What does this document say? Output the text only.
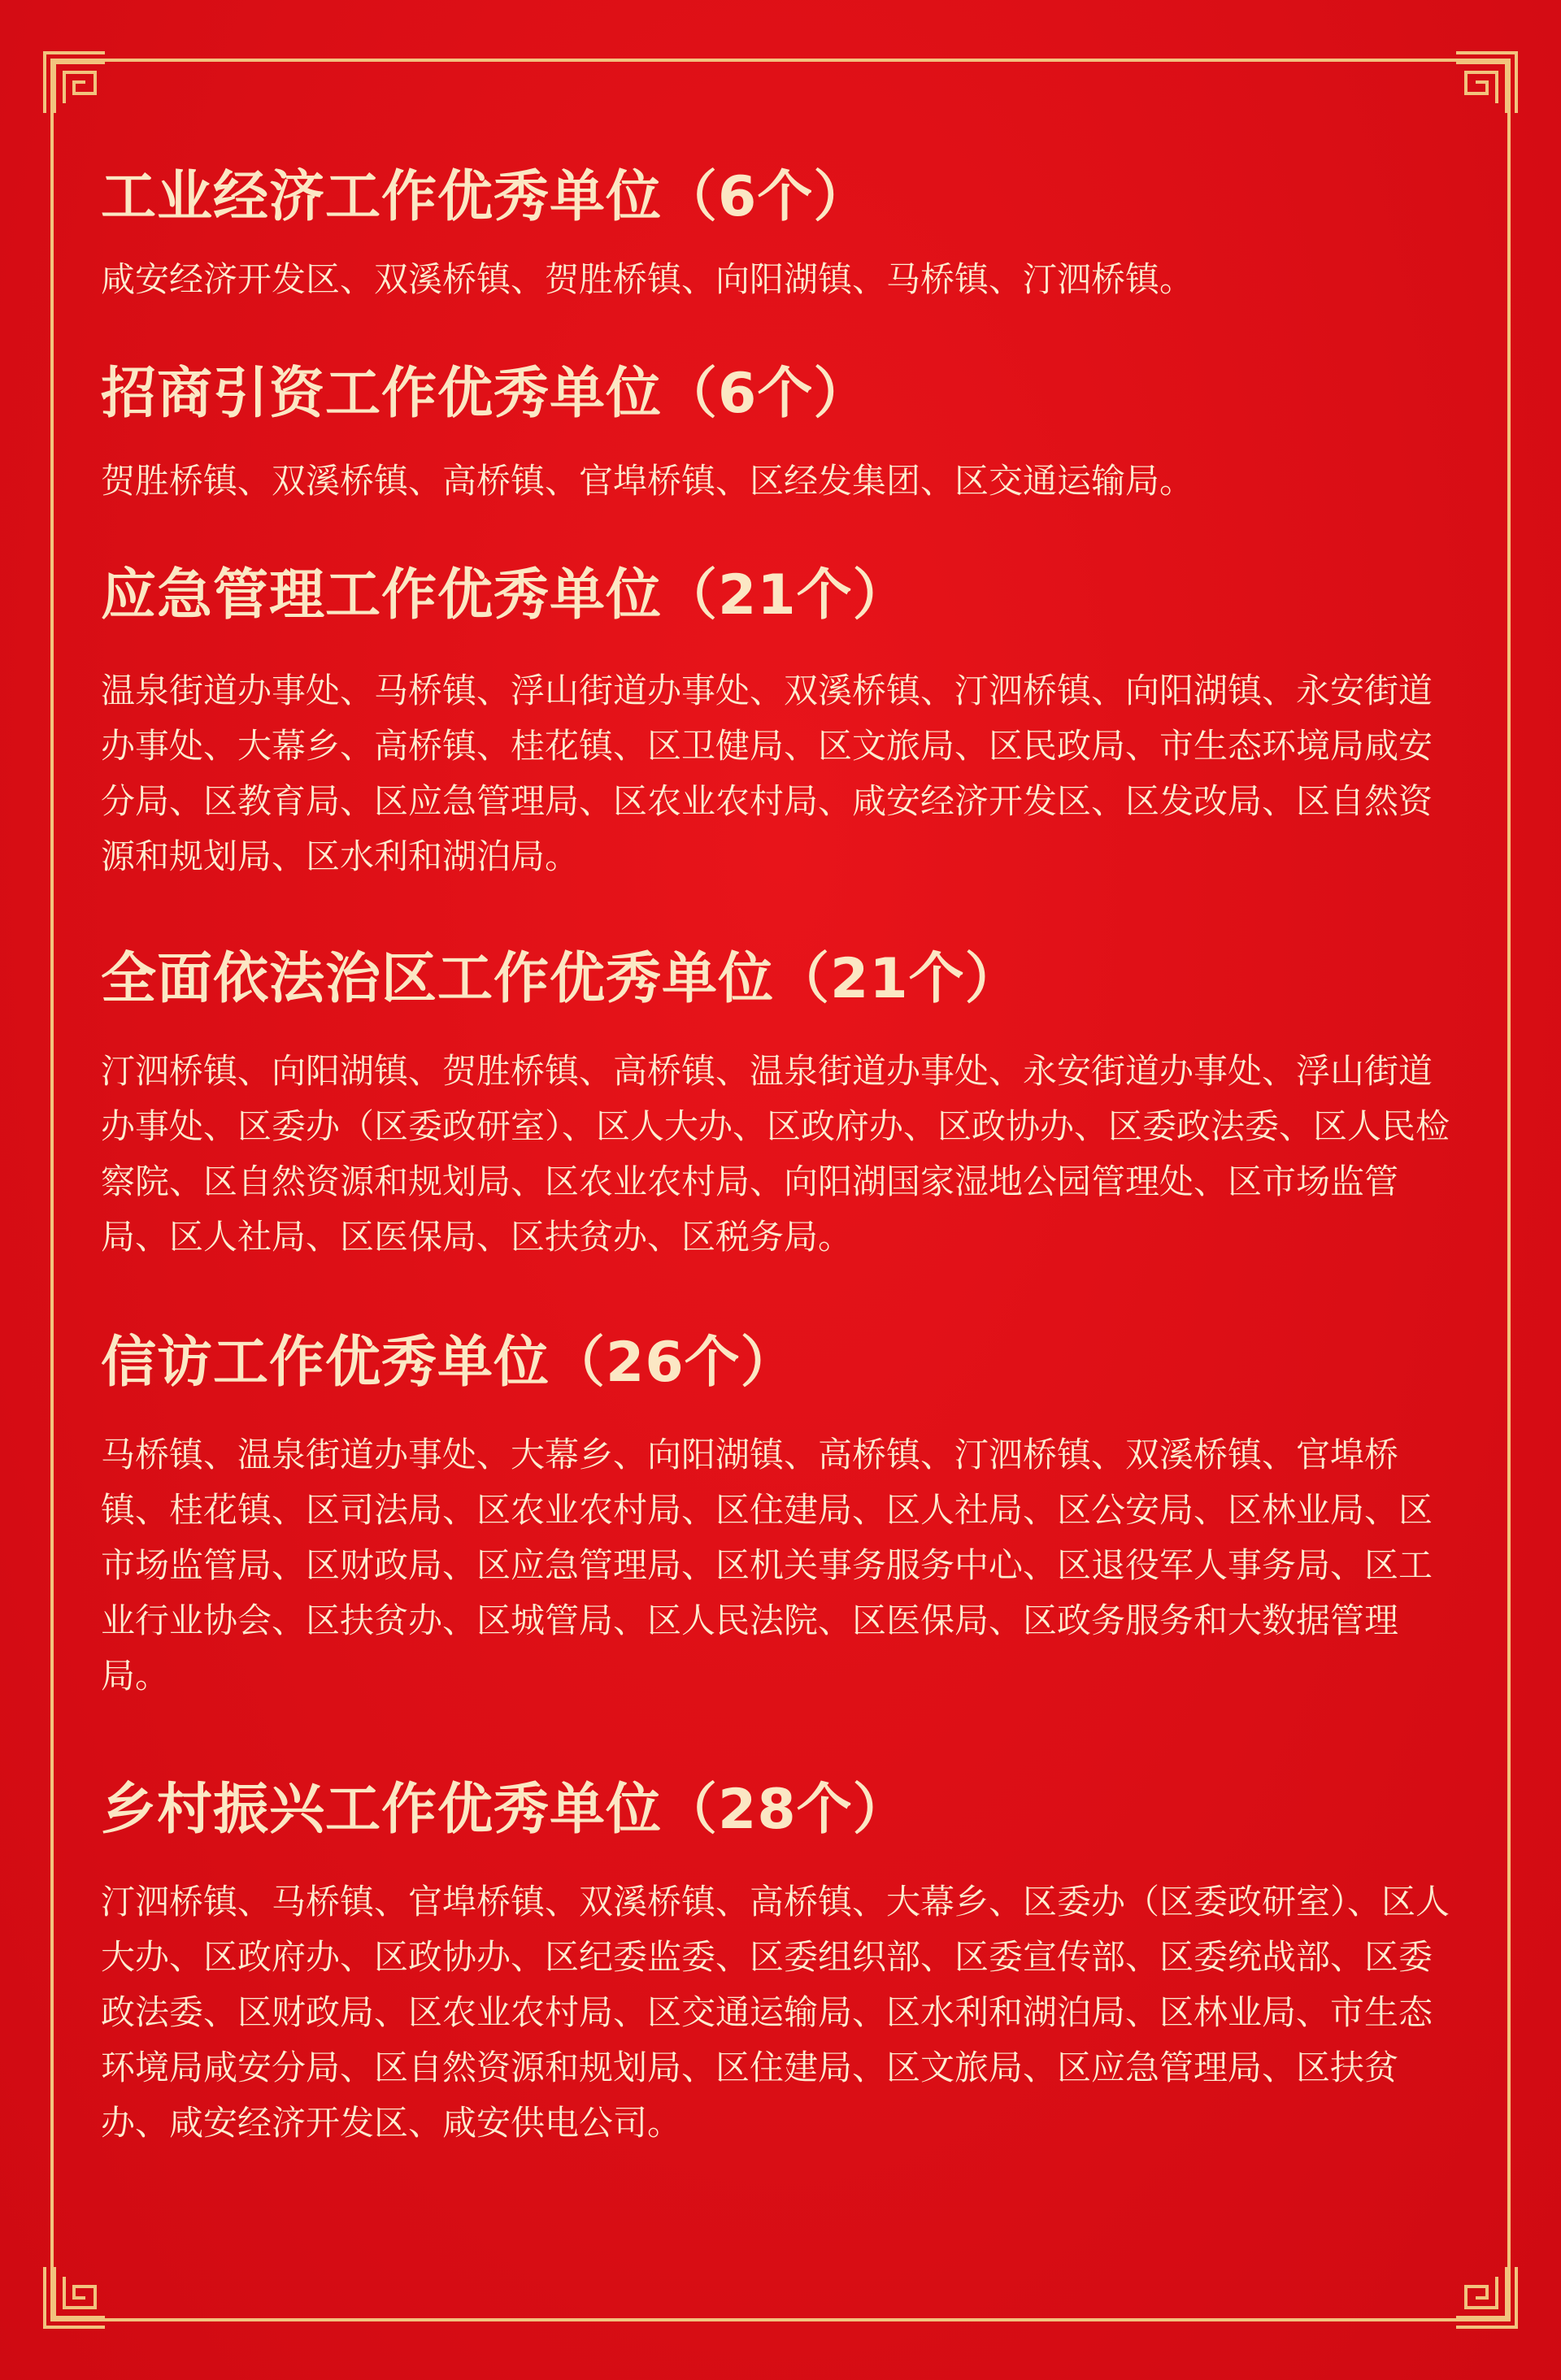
工业经济工作优秀单位（6个）

咸安经济开发区、双溪桥镇、贺胜桥镇、向阳湖镇、马桥镇、汀泗桥镇。

招商引资工作优秀单位（6个）

贺胜桥镇、双溪桥镇、高桥镇、官埠桥镇、区经发集团、区交通运输局。

应急管理工作优秀单位（21个）

温泉街道办事处、马桥镇、浮山街道办事处、双溪桥镇、汀泗桥镇、向阳湖镇、永安街道办事处、大幕乡、高桥镇、桂花镇、区卫健局、区文旅局、区民政局、市生态环境局咸安分局、区教育局、区应急管理局、区农业农村局、咸安经济开发区、区发改局、区自然资源和规划局、区水利和湖泊局。

全面依法治区工作优秀单位（21个）

汀泗桥镇、向阳湖镇、贺胜桥镇、高桥镇、温泉街道办事处、永安街道办事处、浮山街道办事处、区委办（区委政研室）、区人大办、区政府办、区政协办、区委政法委、区人民检察院、区自然资源和规划局、区农业农村局、向阳湖国家湿地公园管理处、区市场监管局、区人社局、区医保局、区扶贫办、区税务局。

信访工作优秀单位（26个）

马桥镇、温泉街道办事处、大幕乡、向阳湖镇、高桥镇、汀泗桥镇、双溪桥镇、官埠桥镇、桂花镇、区司法局、区农业农村局、区住建局、区人社局、区公安局、区林业局、区市场监管局、区财政局、区应急管理局、区机关事务服务中心、区退役军人事务局、区工业行业协会、区扶贫办、区城管局、区人民法院、区医保局、区政务服务和大数据管理局。

乡村振兴工作优秀单位（28个）

汀泗桥镇、马桥镇、官埠桥镇、双溪桥镇、高桥镇、大幕乡、区委办（区委政研室）、区人大办、区政府办、区政协办、区纪委监委、区委组织部、区委宣传部、区委统战部、区委政法委、区财政局、区农业农村局、区交通运输局、区水利和湖泊局、区林业局、市生态环境局咸安分局、区自然资源和规划局、区住建局、区文旅局、区应急管理局、区扶贫办、咸安经济开发区、咸安供电公司。
